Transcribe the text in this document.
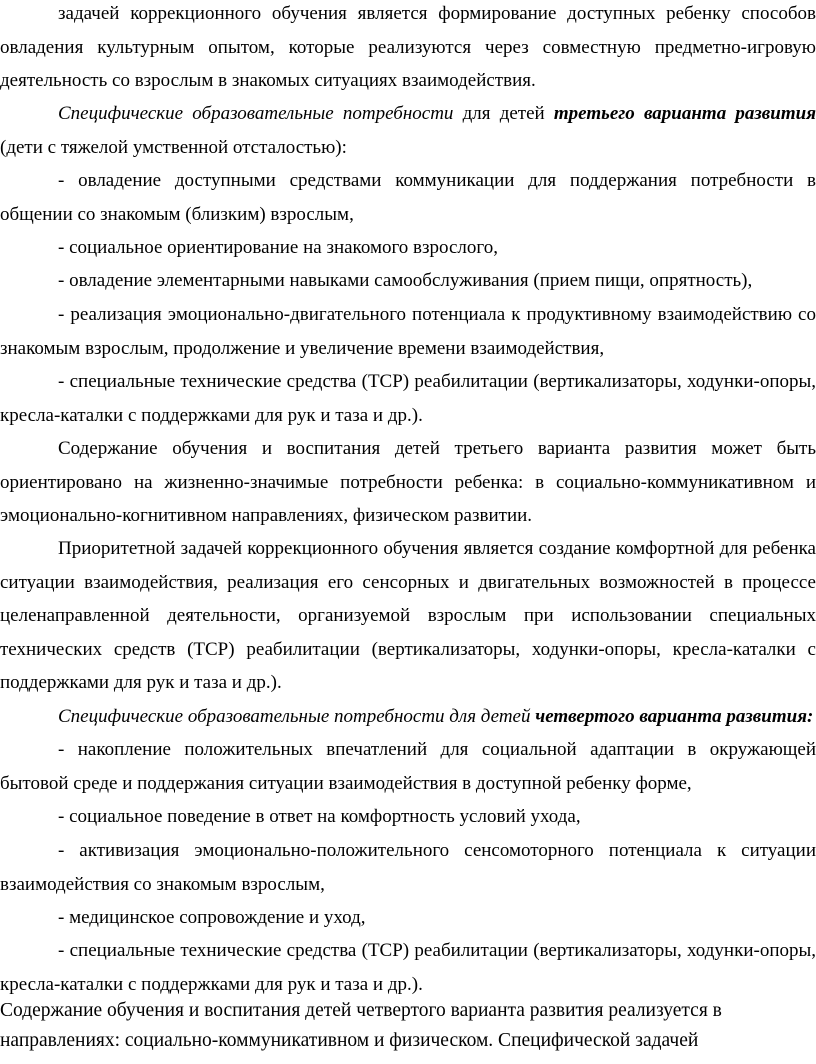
задачей коррекционного обучения является формирование доступных ребенку способов овладения культурным опытом, которые реализуются через совместную предметно-игровую деятельность со взрослым в знакомых ситуациях взаимодействия.

Специфические образовательные потребности для детей третьего варианта развития (дети с тяжелой умственной отсталостью):

- овладение доступными средствами коммуникации для поддержания потребности в общении со знакомым (близким) взрослым,

- социальное ориентирование на знакомого взрослого,

- овладение элементарными навыками самообслуживания (прием пищи, опрятность),

- реализация эмоционально-двигательного потенциала к продуктивному взаимодействию со знакомым взрослым, продолжение и увеличение времени взаимодействия,

- специальные технические средства (ТСР) реабилитации (вертикализаторы, ходунки-опоры, кресла-каталки с поддержками для рук и таза и др.).

Содержание обучения и воспитания детей третьего варианта развития может быть ориентировано на жизненно-значимые потребности ребенка: в социально-коммуникативном и эмоционально-когнитивном направлениях, физическом развитии.

Приоритетной задачей коррекционного обучения является создание комфортной для ребенка ситуации взаимодействия, реализация его сенсорных и двигательных возможностей в процессе целенаправленной деятельности, организуемой взрослым при использовании специальных технических средств (ТСР) реабилитации (вертикализаторы, ходунки-опоры, кресла-каталки с поддержками для рук и таза и др.).

Специфические образовательные потребности для детей четвертого варианта развития:

- накопление положительных впечатлений для социальной адаптации в окружающей бытовой среде и поддержания ситуации взаимодействия в доступной ребенку форме,

- социальное поведение в ответ на комфортность условий ухода,

- активизация эмоционально-положительного сенсомоторного потенциала к ситуации взаимодействия со знакомым взрослым,

- медицинское сопровождение и уход,

- специальные технические средства (ТСР) реабилитации (вертикализаторы, ходунки-опоры, кресла-каталки с поддержками для рук и таза и др.).

Содержание обучения и воспитания детей четвертого варианта развития реализуется в направлениях: социально-коммуникативном и физическом. Специфической задачей
